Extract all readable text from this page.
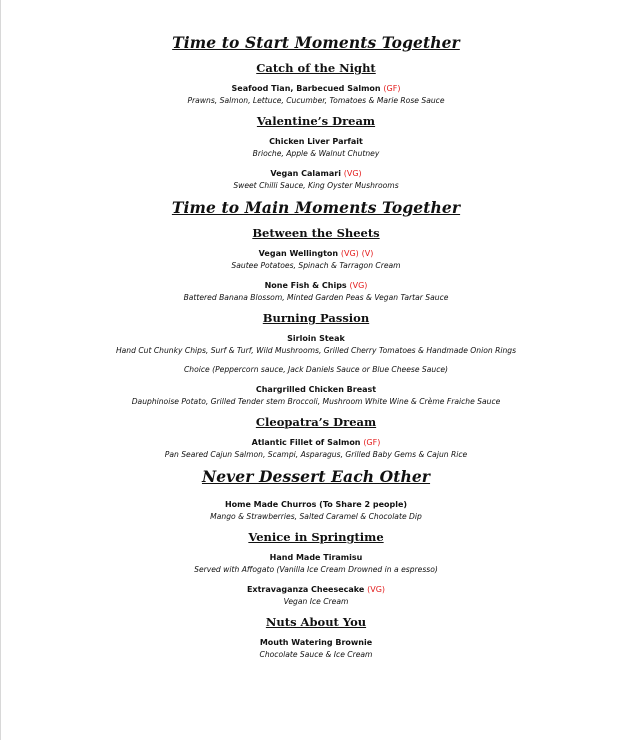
Time to Start Moments Together
Catch of the Night
Seafood Tian, Barbecued Salmon (GF)
Prawns, Salmon, Lettuce, Cucumber, Tomatoes & Marie Rose Sauce
Valentine’s Dream
Chicken Liver Parfait
Brioche, Apple & Walnut Chutney
Vegan Calamari (VG)
Sweet Chilli Sauce, King Oyster Mushrooms
Time to Main Moments Together
Between the Sheets
Vegan Wellington (VG) (V)
Sautee Potatoes, Spinach & Tarragon Cream
None Fish & Chips (VG)
Battered Banana Blossom, Minted Garden Peas & Vegan Tartar Sauce
Burning Passion
Sirloin Steak
Hand Cut Chunky Chips, Surf & Turf, Wild Mushrooms, Grilled Cherry Tomatoes & Handmade Onion Rings
Choice (Peppercorn sauce, Jack Daniels Sauce or Blue Cheese Sauce)
Chargrilled Chicken Breast
Dauphinoise Potato, Grilled Tender stem Broccoli, Mushroom White Wine & Crème Fraiche Sauce
Cleopatra’s Dream
Atlantic Fillet of Salmon (GF)
Pan Seared Cajun Salmon, Scampi, Asparagus, Grilled Baby Gems & Cajun Rice
Never Dessert Each Other
Home Made Churros (To Share 2 people)
Mango & Strawberries, Salted Caramel & Chocolate Dip
Venice in Springtime
Hand Made Tiramisu
Served with Affogato (Vanilla Ice Cream Drowned in a espresso)
Extravaganza Cheesecake (VG)
Vegan Ice Cream
Nuts About You
Mouth Watering Brownie
Chocolate Sauce & Ice Cream
